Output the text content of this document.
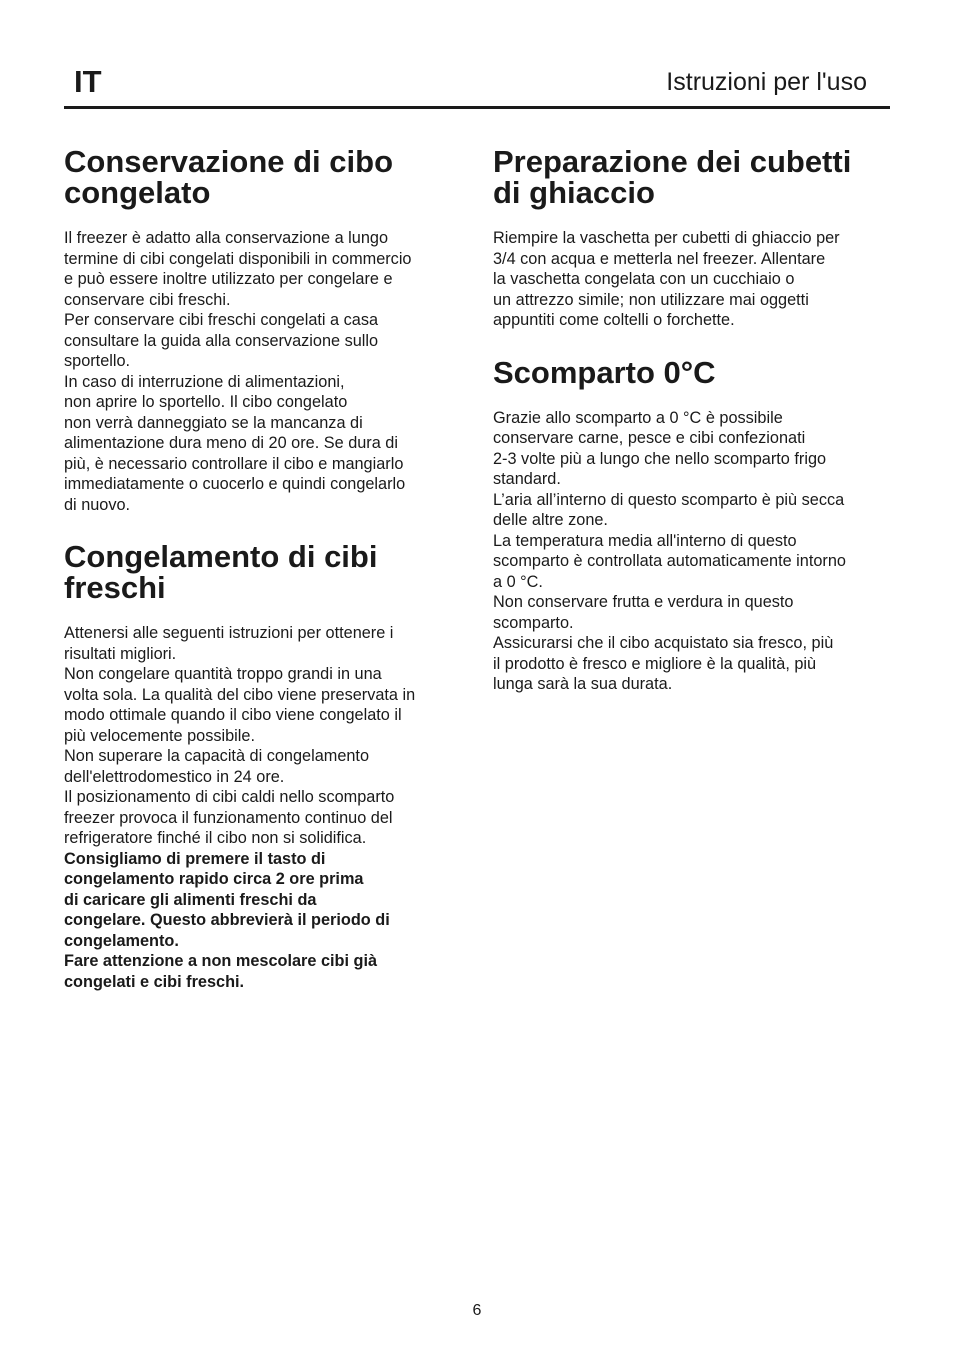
IT	Istruzioni per l'uso
Conservazione di cibo
congelato

Il freezer è adatto alla conservazione a lungo
termine di cibi congelati disponibili in commercio
e può essere inoltre utilizzato per congelare e
conservare cibi freschi.

Per conservare cibi freschi congelati a casa
consultare la guida alla conservazione sullo
sportello.

In caso di interruzione di alimentazioni,
non aprire lo sportello. Il cibo congelato
non verrà danneggiato se la mancanza di
alimentazione dura meno di 20 ore. Se dura di
più, è necessario controllare il cibo e mangiarlo
immediatamente o cuocerlo e quindi congelarlo
di nuovo.

Congelamento di cibi
freschi

Attenersi alle seguenti istruzioni per ottenere i
risultati migliori.

Non congelare quantità troppo grandi in una
volta sola. La qualità del cibo viene preservata in
modo ottimale quando il cibo viene congelato il
più velocemente possibile.

Non superare la capacità di congelamento
dell'elettrodomestico in 24 ore.

Il posizionamento di cibi caldi nello scomparto
freezer provoca il funzionamento continuo del
refrigeratore finché il cibo non si solidifica.

Consigliamo di premere il tasto di
congelamento rapido circa 2 ore prima
di caricare gli alimenti freschi da
congelare. Questo abbrevierà il periodo di
congelamento.

Fare attenzione a non mescolare cibi già
congelati e cibi freschi.

Preparazione dei cubetti
di ghiaccio

Riempire la vaschetta per cubetti di ghiaccio per
3/4 con acqua e metterla nel freezer. Allentare
la vaschetta congelata con un cucchiaio o
un attrezzo simile; non utilizzare mai oggetti
appuntiti come coltelli o forchette.

Scomparto 0°C

Grazie allo scomparto a 0 °C è possibile
conservare carne, pesce e cibi confezionati
2-3 volte più a lungo che nello scomparto frigo
standard.

L’aria all’interno di questo scomparto è più secca
delle altre zone.

La temperatura media all'interno di questo
scomparto è controllata automaticamente intorno
a 0 °C.

Non conservare frutta e verdura in questo
scomparto.

Assicurarsi che il cibo acquistato sia fresco, più
il prodotto è fresco e migliore è la qualità, più
lunga sarà la sua durata.

6
